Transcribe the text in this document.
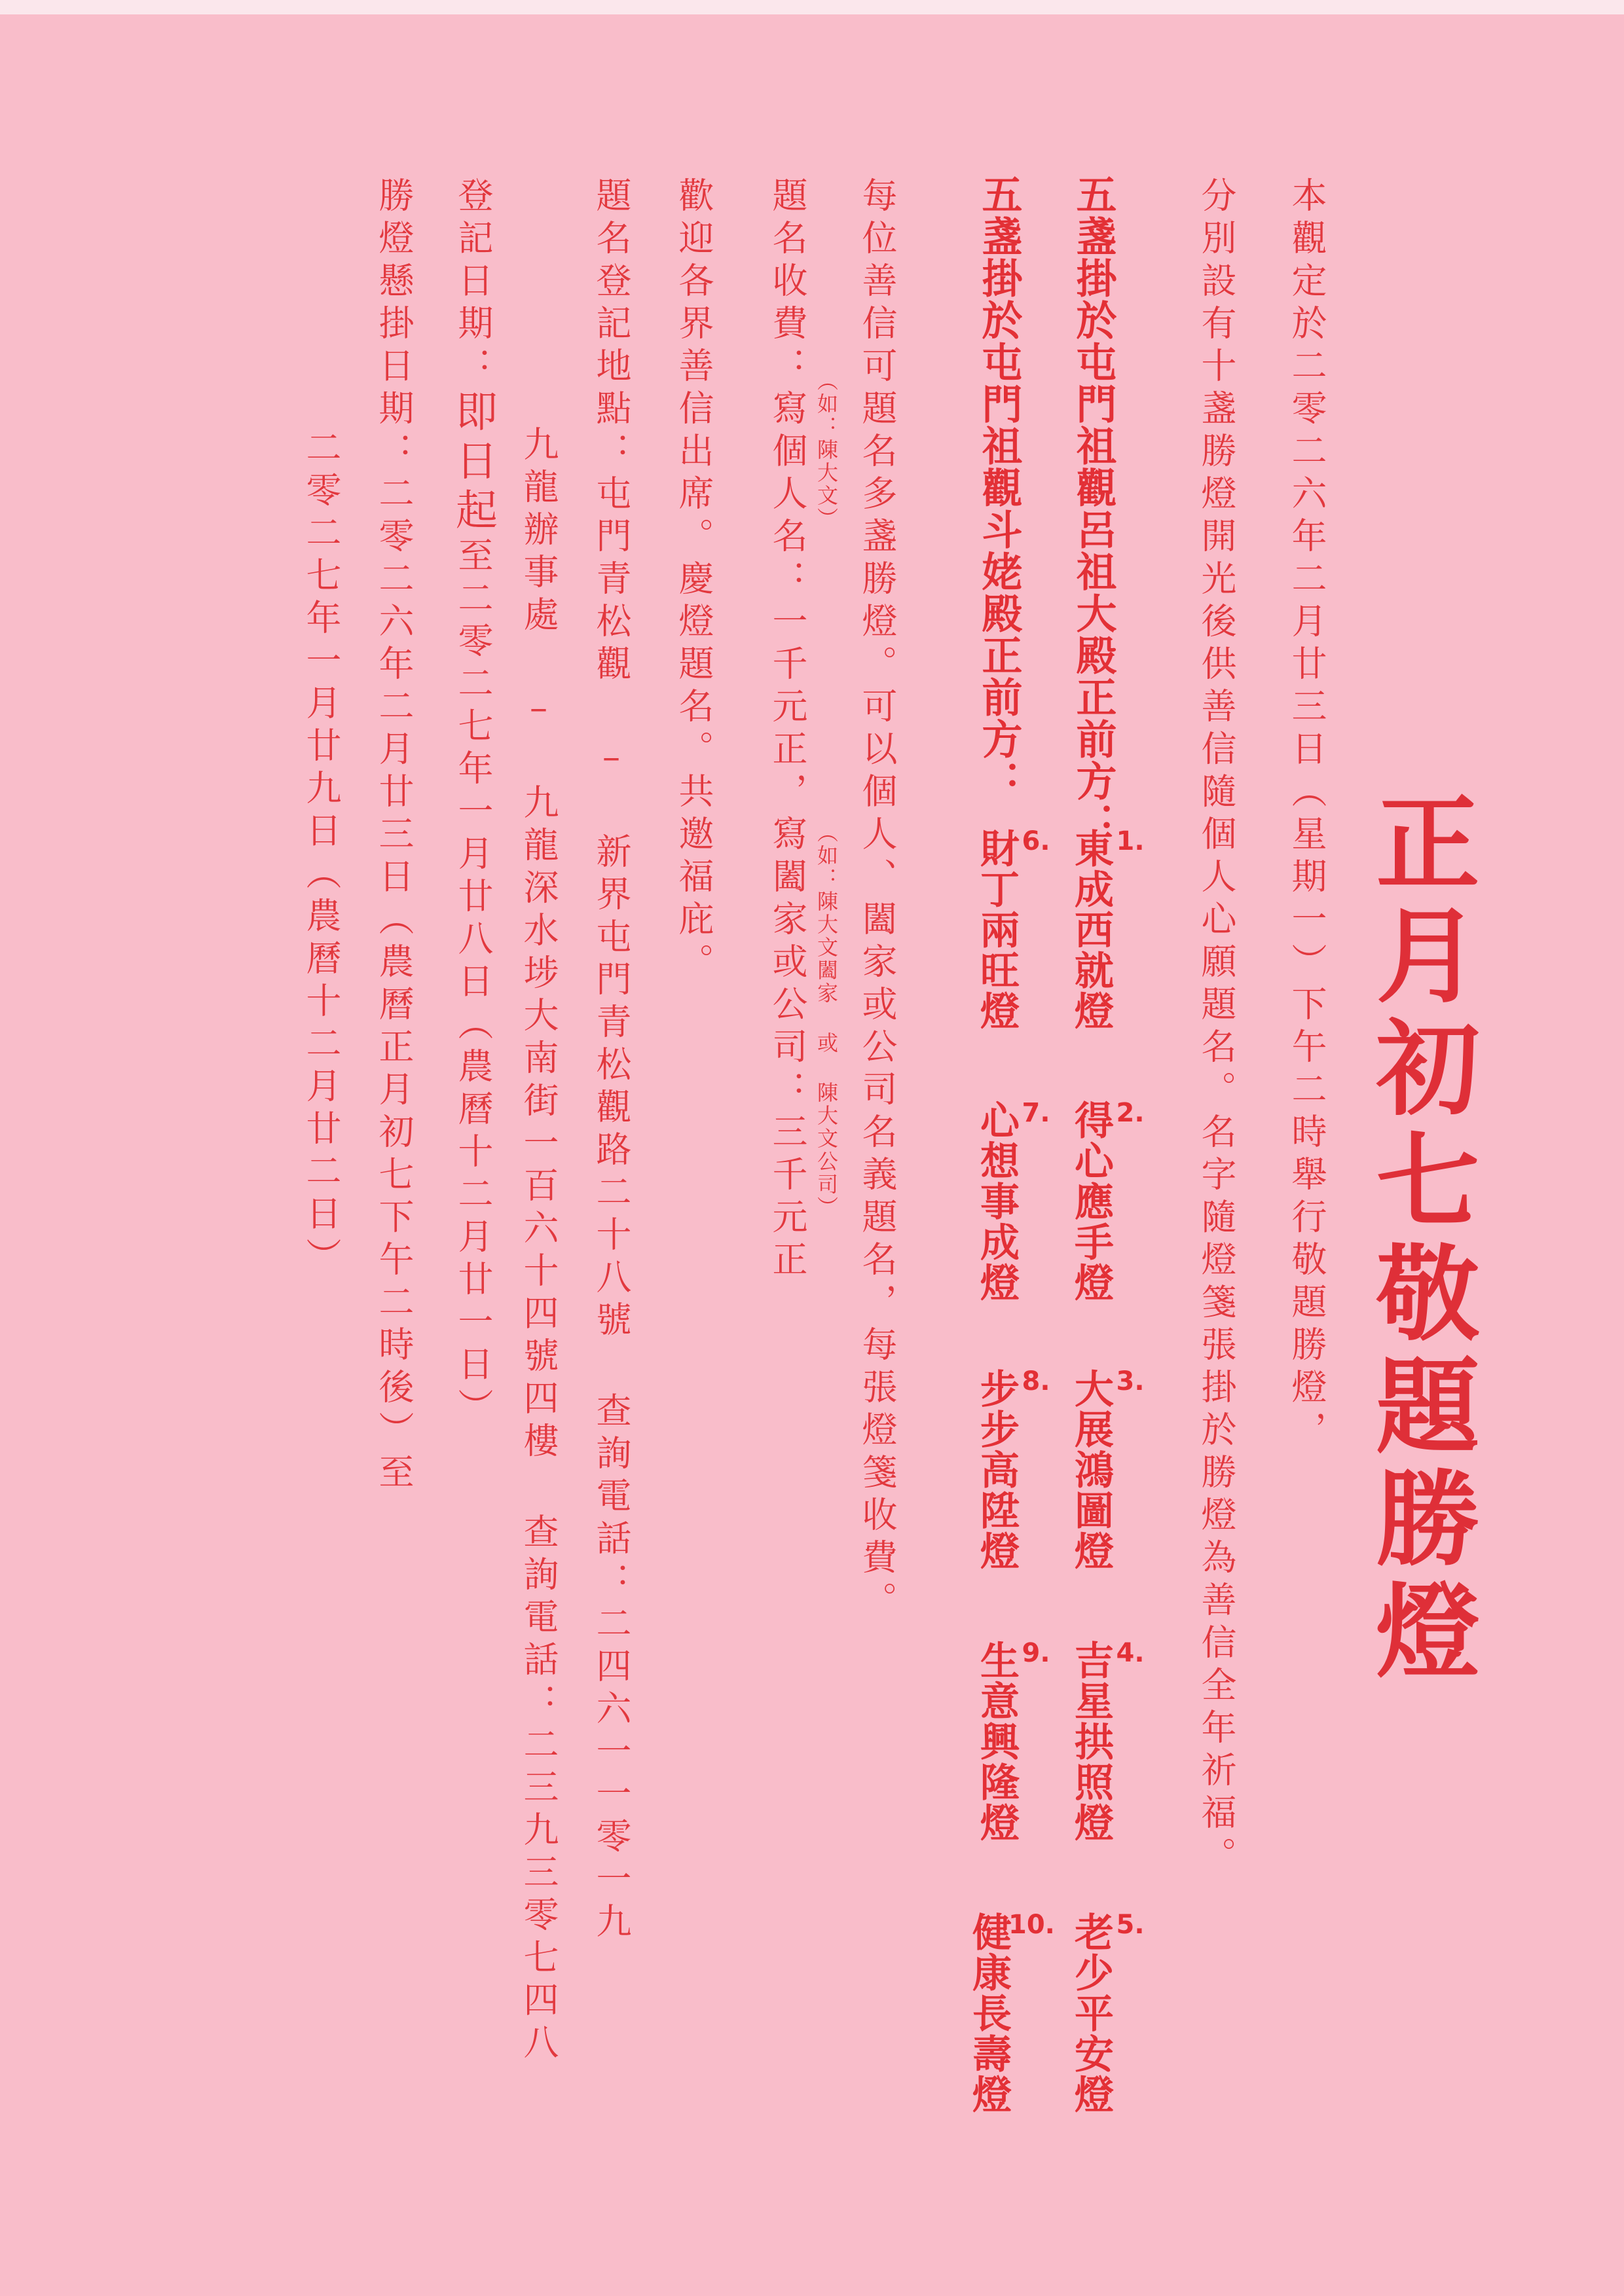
正月初七敬題勝燈
本觀定於二零二六年二月廿三日（星期一）下午二時舉行敬題勝燈，
分別設有十盞勝燈開光後供善信隨個人心願題名。名字隨燈箋張掛於勝燈為善信全年祈福。
五盞掛於屯門祖觀呂祖大殿正前方：
1.
東成西就燈
2.
得心應手燈
3.
大展鴻圖燈
4.
吉星拱照燈
5.
老少平安燈
五盞掛於屯門祖觀斗姥殿正前方：
6.
財丁兩旺燈
7.
心想事成燈
8.
步步高陞燈
9.
生意興隆燈
10.
健康長壽燈
每位善信可題名多盞勝燈。可以個人、闔家或公司名義題名，每張燈箋收費。
（如：陳大文）
（如：陳大文闔家 或 陳大文公司）
題名收費：寫個人名：一千元正，寫闔家或公司：三千元正
歡迎各界善信出席。慶燈題名。共邀福庇。
題名登記地點：屯門青松觀 – 新界屯門青松觀路二十八號 查詢電話：二四六一一零一九
九龍辦事處 – 九龍深水埗大南街一百六十四號四樓 查詢電話：二三九三零七四八
登記日期：即日起至二零二七年一月廿八日（農曆十二月廿一日）
勝燈懸掛日期：二零二六年二月廿三日（農曆正月初七下午二時後）至
二零二七年一月廿九日（農曆十二月廿二日）
